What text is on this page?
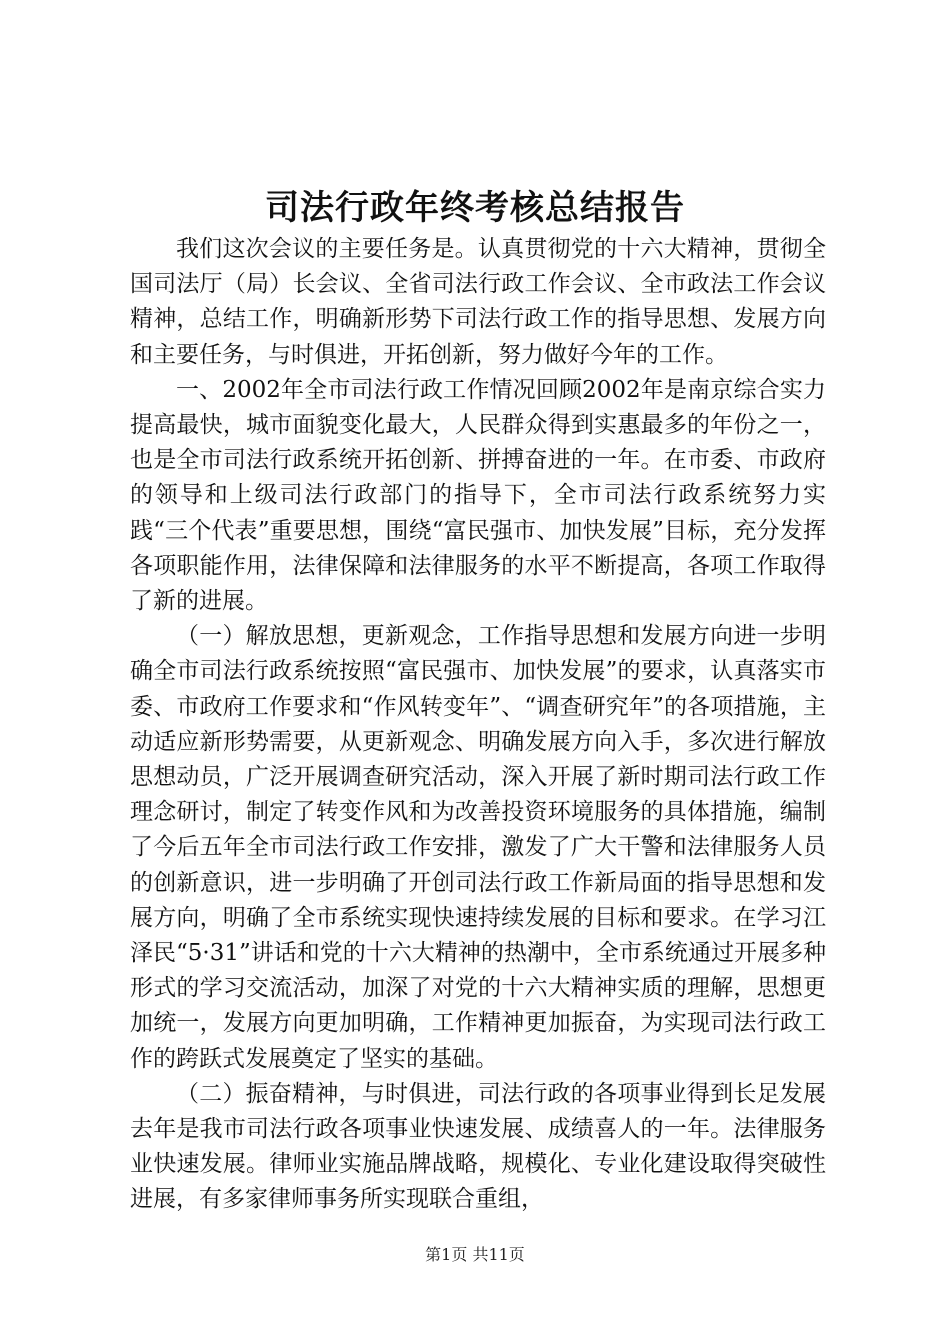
司法行政年终考核总结报告

我们这次会议的主要任务是。认真贯彻党的十六大精神，贯彻全国司法厅（局）长会议、全省司法行政工作会议、全市政法工作会议精神，总结工作，明确新形势下司法行政工作的指导思想、发展方向和主要任务，与时俱进，开拓创新，努力做好今年的工作。

一、2002年全市司法行政工作情况回顾2002年是南京综合实力提高最快，城市面貌变化最大，人民群众得到实惠最多的年份之一，也是全市司法行政系统开拓创新、拼搏奋进的一年。在市委、市政府的领导和上级司法行政部门的指导下，全市司法行政系统努力实践“三个代表”重要思想，围绕“富民强市、加快发展”目标，充分发挥各项职能作用，法律保障和法律服务的水平不断提高，各项工作取得了新的进展。

（一）解放思想，更新观念，工作指导思想和发展方向进一步明确全市司法行政系统按照“富民强市、加快发展”的要求，认真落实市委、市政府工作要求和“作风转变年”、“调查研究年”的各项措施，主动适应新形势需要，从更新观念、明确发展方向入手，多次进行解放思想动员，广泛开展调查研究活动，深入开展了新时期司法行政工作理念研讨，制定了转变作风和为改善投资环境服务的具体措施，编制了今后五年全市司法行政工作安排，激发了广大干警和法律服务人员的创新意识，进一步明确了开创司法行政工作新局面的指导思想和发展方向，明确了全市系统实现快速持续发展的目标和要求。在学习江泽民“5·31”讲话和党的十六大精神的热潮中，全市系统通过开展多种形式的学习交流活动，加深了对党的十六大精神实质的理解，思想更加统一，发展方向更加明确，工作精神更加振奋，为实现司法行政工作的跨跃式发展奠定了坚实的基础。

（二）振奋精神，与时俱进，司法行政的各项事业得到长足发展去年是我市司法行政各项事业快速发展、成绩喜人的一年。法律服务业快速发展。律师业实施品牌战略，规模化、专业化建设取得突破性进展，有多家律师事务所实现联合重组，

第1页 共11页
